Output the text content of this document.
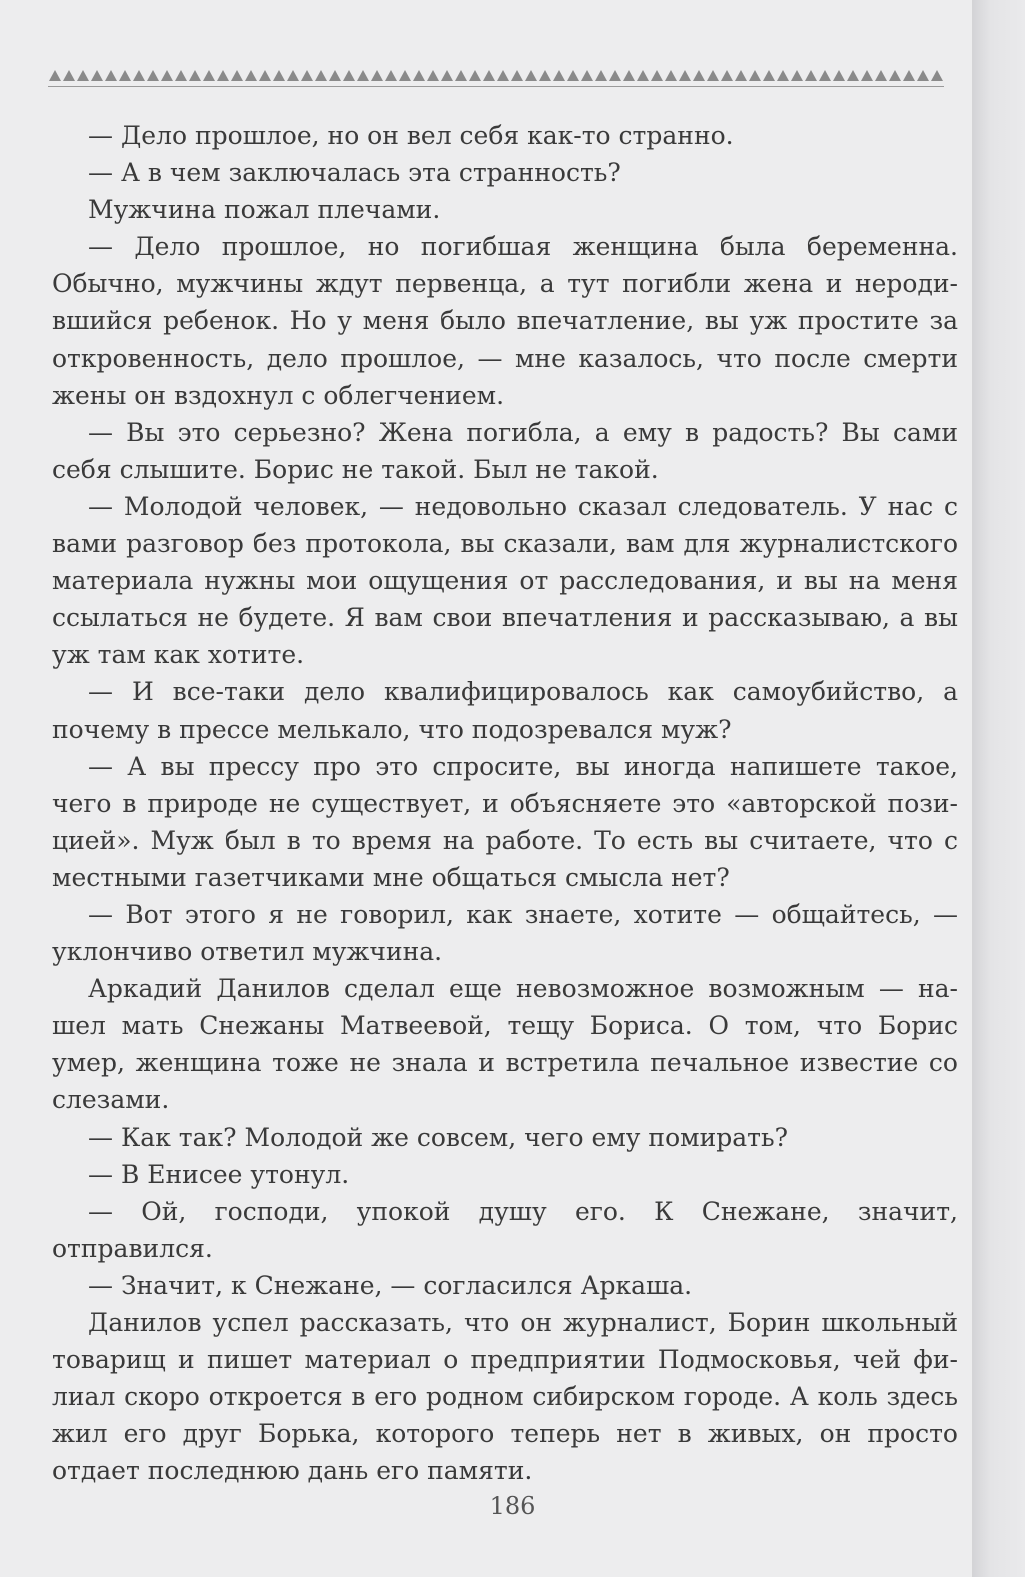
— Дело прошлое, но он вел себя как-то странно.

— А в чем заключалась эта странность?

Мужчина пожал плечами.

— Дело прошлое, но погибшая женщина была беременна. Обычно, мужчины ждут первенца, а тут погибли жена и неродившийся ребенок. Но у меня было впечатление, вы уж простите за откровенность, дело прошлое, — мне казалось, что после смерти жены он вздохнул с облегчением.

— Вы это серьезно? Жена погибла, а ему в радость? Вы сами себя слышите. Борис не такой. Был не такой.

— Молодой человек, — недовольно сказал следователь. У нас с вами разговор без протокола, вы сказали, вам для журналистского материала нужны мои ощущения от расследования, и вы на меня ссылаться не будете. Я вам свои впечатления и рассказываю, а вы уж там как хотите.

— И все-таки дело квалифицировалось как самоубийство, а почему в прессе мелькало, что подозревался муж?

— А вы прессу про это спросите, вы иногда напишете такое, чего в природе не существует, и объясняете это «авторской позицией». Муж был в то время на работе. То есть вы считаете, что с местными газетчиками мне общаться смысла нет?

— Вот этого я не говорил, как знаете, хотите — общайтесь, — уклончиво ответил мужчина.

Аркадий Данилов сделал еще невозможное возможным — нашел мать Снежаны Матвеевой, тещу Бориса. О том, что Борис умер, женщина тоже не знала и встретила печальное известие со слезами.

— Как так? Молодой же совсем, чего ему помирать?

— В Енисее утонул.

— Ой, господи, упокой душу его. К Снежане, значит, отправился.

— Значит, к Снежане, — согласился Аркаша.

Данилов успел рассказать, что он журналист, Борин школьный товарищ и пишет материал о предприятии Подмосковья, чей филиал скоро откроется в его родном сибирском городе. А коль здесь жил его друг Борька, которого теперь нет в живых, он просто отдает последнюю дань его памяти.

186
